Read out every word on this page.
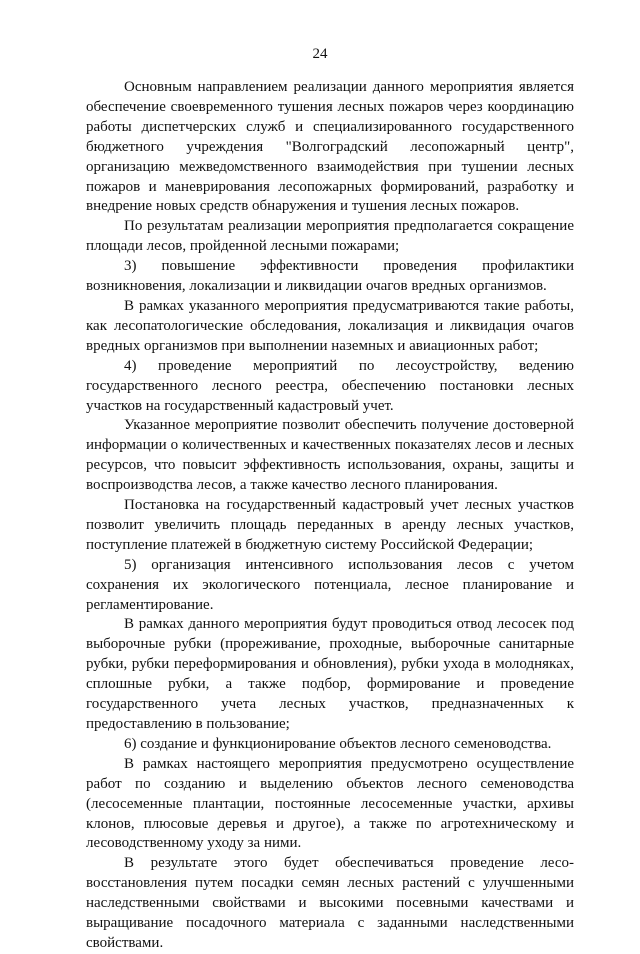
24

Основным направлением реализации данного мероприятия является обеспечение своевременного тушения лесных пожаров через координацию работы диспетчерских служб и специализированного государственного бюджетного учреждения "Волгоградский лесопожарный центр", организацию межведомственного взаимодействия при тушении лесных пожаров и маневрирования лесопожарных формирований, разработку и внедрение новых средств обнаружения и тушения лесных пожаров.

По результатам реализации мероприятия предполагается сокращение площади лесов, пройденной лесными пожарами;

3) повышение эффективности проведения профилактики возникновения, локализации и ликвидации очагов вредных организмов.

В рамках указанного мероприятия предусматриваются такие работы, как лесопатологические обследования, локализация и ликвидация очагов вредных организмов при выполнении наземных и авиационных работ;

4) проведение мероприятий по лесоустройству, ведению государственного лесного реестра, обеспечению постановки лесных участков на государственный кадастровый учет.

Указанное мероприятие позволит обеспечить получение достоверной информации о количественных и качественных показателях лесов и лесных ресурсов, что повысит эффективность использования, охраны, защиты и воспроизводства лесов, а также качество лесного планирования.

Постановка на государственный кадастровый учет лесных участков позволит увеличить площадь переданных в аренду лесных участков, поступление платежей в бюджетную систему Российской Федерации;

5) организация интенсивного использования лесов с учетом сохранения их экологического потенциала, лесное планирование и регламентирование.

В рамках данного мероприятия будут проводиться отвод лесосек под выборочные рубки (прореживание, проходные, выборочные санитарные рубки, рубки переформирования и обновления), рубки ухода в молодняках, сплошные рубки, а также подбор, формирование и проведение государственного учета лесных участков, предназначенных к предоставлению в пользование;

6) создание и функционирование объектов лесного семеноводства.

В рамках настоящего мероприятия предусмотрено осуществление работ по созданию и выделению объектов лесного семеноводства (лесосеменные плантации, постоянные лесосеменные участки, архивы клонов, плюсовые деревья и другое), а также по агротехническому и лесоводственному уходу за ними.

В результате этого будет обеспечиваться проведение лесо-восстановления путем посадки семян лесных растений с улучшенными наследственными свойствами и высокими посевными качествами и выращивание посадочного материала с заданными наследственными свойствами.
